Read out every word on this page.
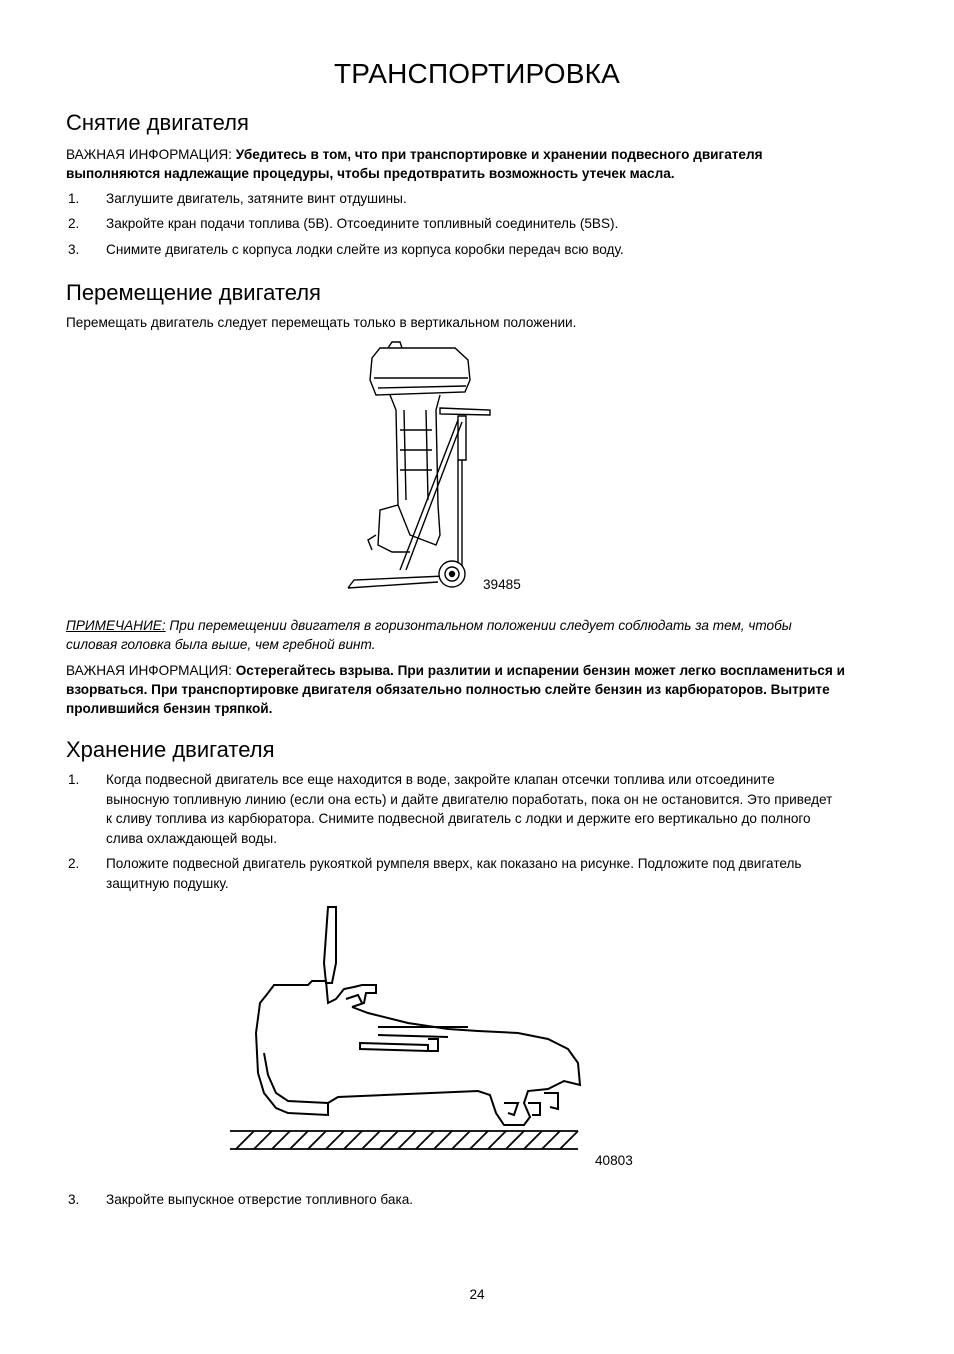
ТРАНСПОРТИРОВКА
Снятие двигателя
ВАЖНАЯ ИНФОРМАЦИЯ: Убедитесь в том, что при транспортировке и хранении подвесного двигателя выполняются надлежащие процедуры, чтобы предотвратить возможность утечек масла.
1. Заглушите двигатель, затяните винт отдушины.
2. Закройте кран подачи топлива (5В). Отсоедините топливный соединитель (5BS).
3. Снимите двигатель с корпуса лодки слейте из корпуса коробки передач всю воду.
Перемещение двигателя
Перемещать двигатель следует перемещать только в вертикальном положении.
39485
ПРИМЕЧАНИЕ: При перемещении двигателя в горизонтальном положении следует соблюдать за тем, чтобы силовая головка была выше, чем гребной винт.
ВАЖНАЯ ИНФОРМАЦИЯ: Остерегайтесь взрыва. При разлитии и испарении бензин может легко воспламениться и взорваться. При транспортировке двигателя обязательно полностью слейте бензин из карбюраторов. Вытрите пролившийся бензин тряпкой.
Хранение двигателя
1. Когда подвесной двигатель все еще находится в воде, закройте клапан отсечки топлива или отсоедините выносную топливную линию (если она есть) и дайте двигателю поработать, пока он не остановится. Это приведет к сливу топлива из карбюратора. Снимите подвесной двигатель с лодки и держите его вертикально до полного слива охлаждающей воды.
2. Положите подвесной двигатель рукояткой румпеля вверх, как показано на рисунке. Подложите под двигатель защитную подушку.
40803
3. Закройте выпускное отверстие топливного бака.
24
